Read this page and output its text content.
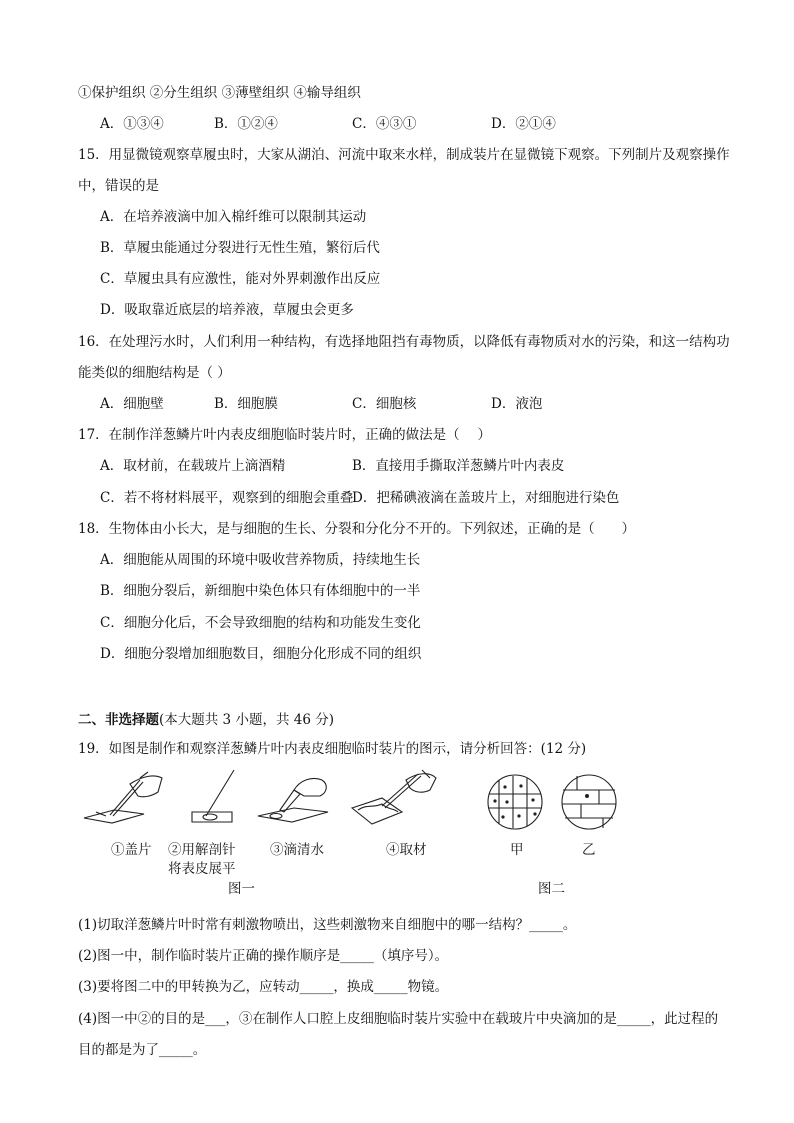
①保护组织 ②分生组织 ③薄壁组织 ④输导组织
A．①③④	B．①②④	C．④③①	D．②①④
15．用显微镜观察草履虫时，大家从湖泊、河流中取来水样，制成装片在显微镜下观察。下列制片及观察操作
中，错误的是
A．在培养液滴中加入棉纤维可以限制其运动
B．草履虫能通过分裂进行无性生殖，繁衍后代
C．草履虫具有应激性，能对外界刺激作出反应
D．吸取靠近底层的培养液，草履虫会更多
16．在处理污水时，人们利用一种结构，有选择地阻挡有毒物质，以降低有毒物质对水的污染，和这一结构功
能类似的细胞结构是（ ）
A．细胞壁	B．细胞膜	C．细胞核	D．液泡
17．在制作洋葱鳞片叶内表皮细胞临时装片时，正确的做法是（　 ）
A．取材前，在载玻片上滴酒精	B．直接用手撕取洋葱鳞片叶内表皮
C．若不将材料展平，观察到的细胞会重叠
D．把稀碘液滴在盖玻片上，对细胞进行染色
18．生物体由小长大，是与细胞的生长、分裂和分化分不开的。下列叙述，正确的是（　　）
A．细胞能从周围的环境中吸收营养物质，持续地生长
B．细胞分裂后，新细胞中染色体只有体细胞中的一半
C．细胞分化后，不会导致细胞的结构和功能发生变化
D．细胞分裂增加细胞数目，细胞分化形成不同的组织
二、非选择题(本大题共 3 小题，共 46 分)
19．如图是制作和观察洋葱鳞片叶内表皮细胞临时装片的图示，请分析回答：(12 分)
①盖片 ②用解剖针
将表皮展平
③滴清水	④取材	甲	乙
图一	图二
(1)切取洋葱鳞片叶时常有刺激物喷出，这些刺激物来自细胞中的哪一结构？_____。
(2)图一中，制作临时装片正确的操作顺序是_____（填序号）。
(3)要将图二中的甲转换为乙，应转动_____，换成_____物镜。
(4)图一中②的目的是___，③在制作人口腔上皮细胞临时装片实验中在载玻片中央滴加的是_____，此过程的
目的都是为了_____。
